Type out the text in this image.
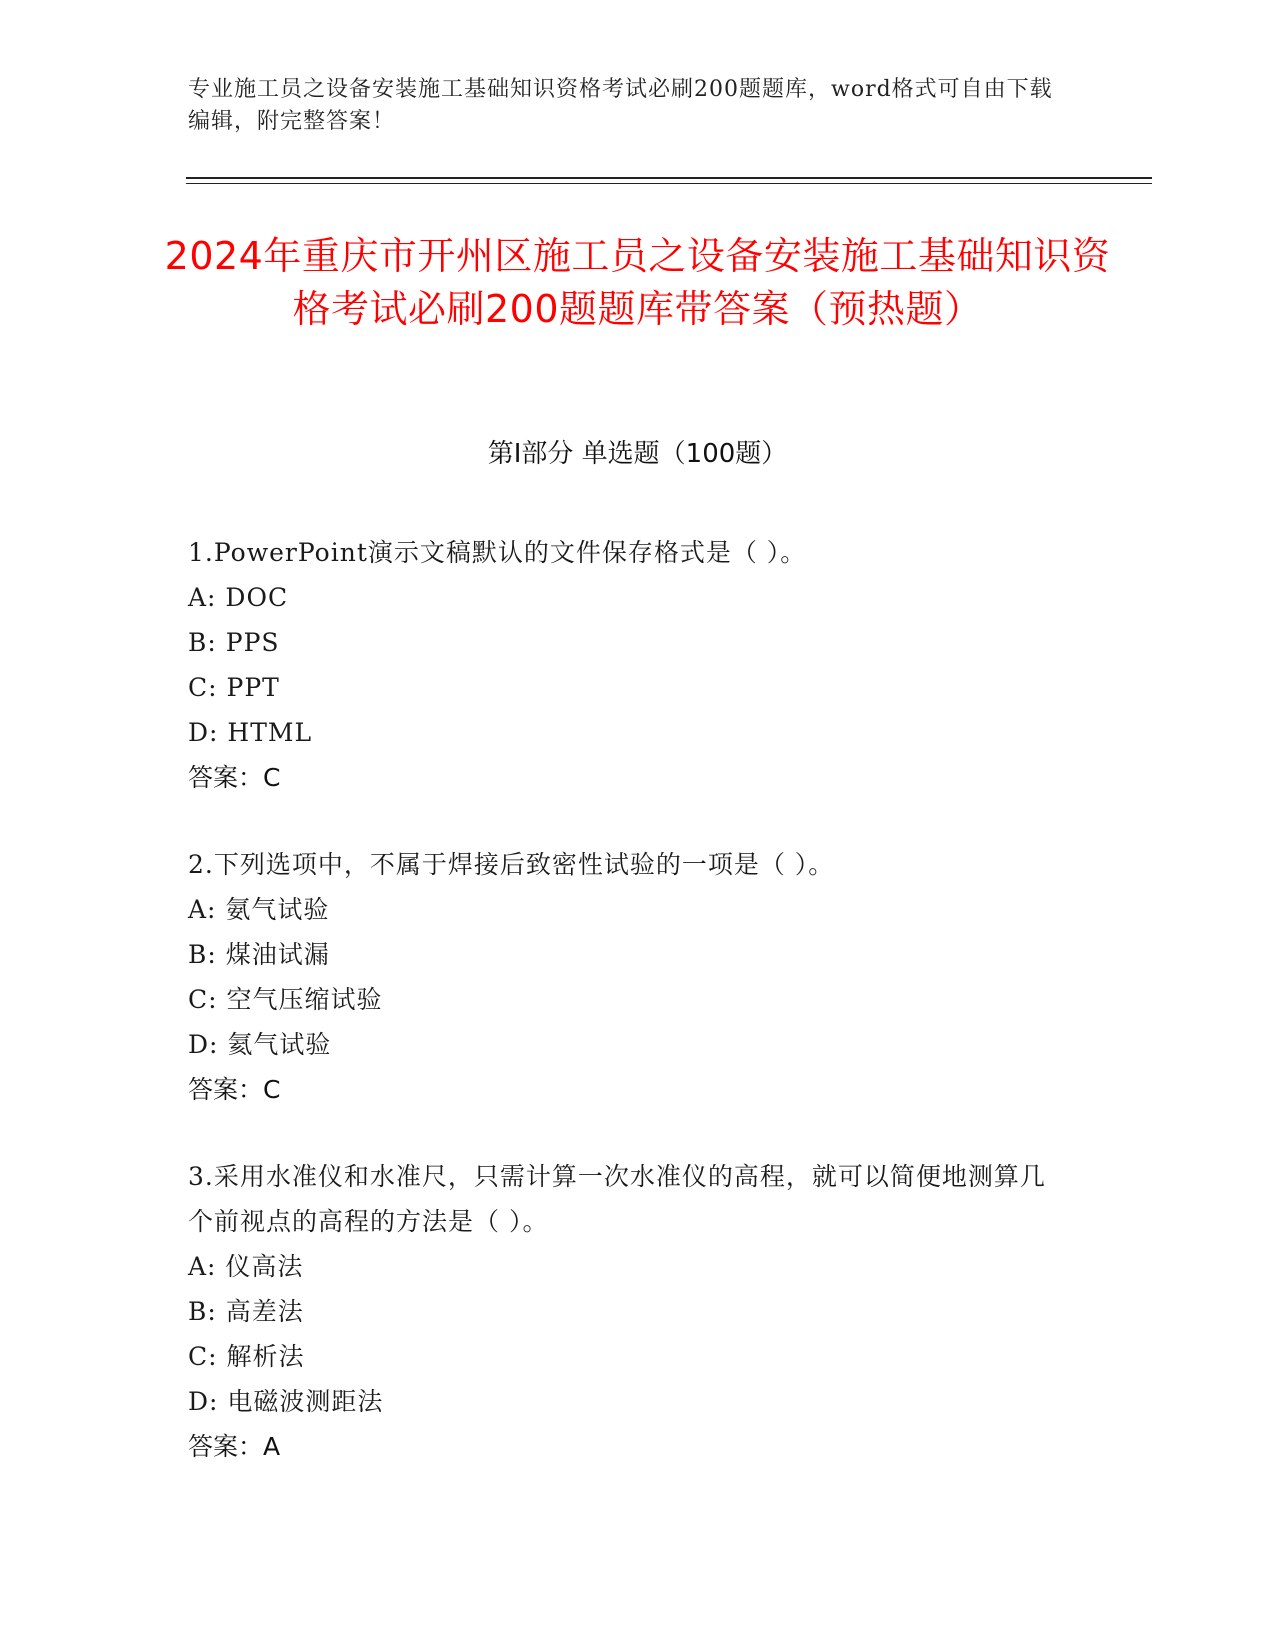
专业施工员之设备安装施工基础知识资格考试必刷200题题库，word格式可自由下载编辑，附完整答案！
2024年重庆市开州区施工员之设备安装施工基础知识资格考试必刷200题题库带答案（预热题）
第Ⅰ部分 单选题（100题）
1.PowerPoint演示文稿默认的文件保存格式是（ ）。
A: DOC
B: PPS
C: PPT
D: HTML
答案：C
2.下列选项中，不属于焊接后致密性试验的一项是（ ）。
A: 氨气试验
B: 煤油试漏
C: 空气压缩试验
D: 氦气试验
答案：C
3.采用水准仪和水准尺，只需计算一次水准仪的高程，就可以简便地测算几个前视点的高程的方法是（ ）。
A: 仪高法
B: 高差法
C: 解析法
D: 电磁波测距法
答案：A
